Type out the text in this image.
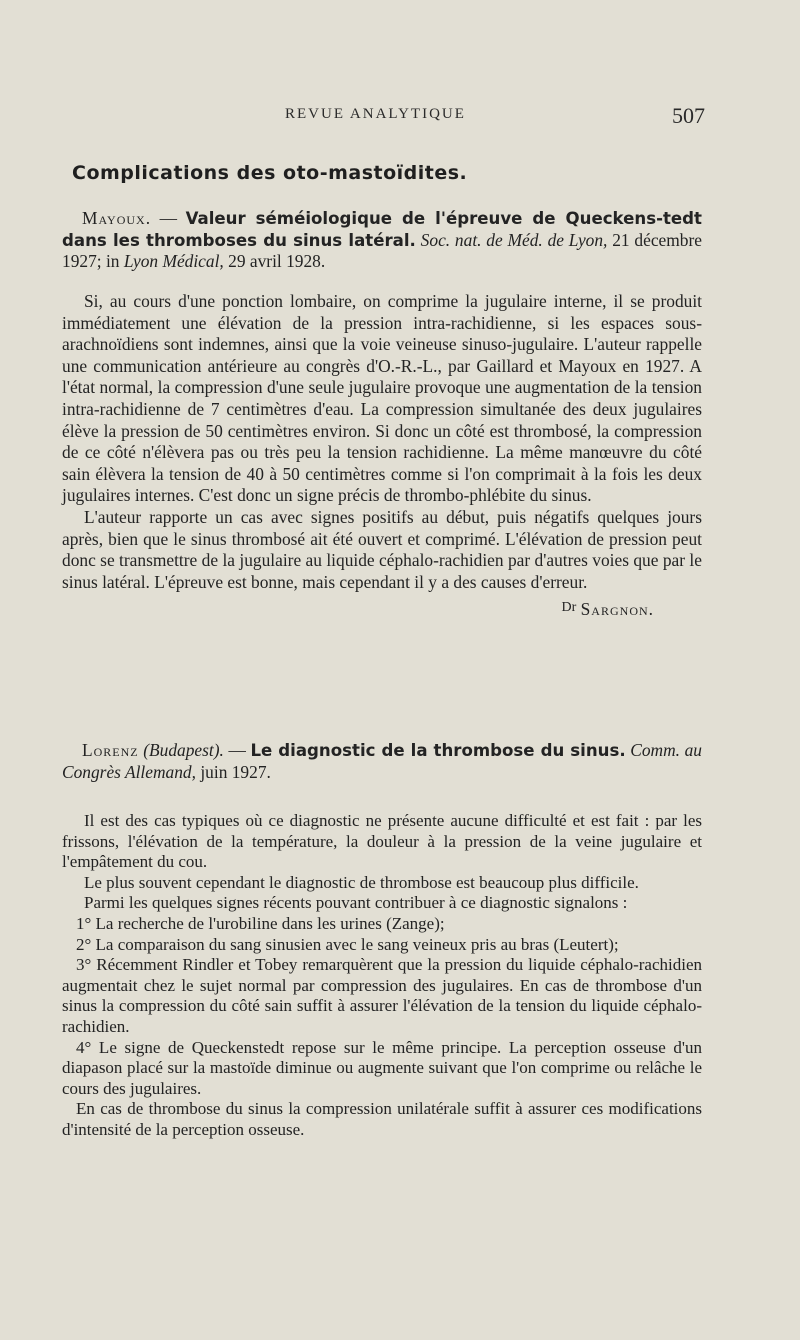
REVUE ANALYTIQUE	507
Complications des oto-mastoïdites.

Mayoux. — Valeur séméiologique de l'épreuve de Queckens-tedt dans les thromboses du sinus latéral. Soc. nat. de Méd. de Lyon, 21 décembre 1927; in Lyon Médical, 29 avril 1928.

Si, au cours d'une ponction lombaire, on comprime la jugulaire interne, il se produit immédiatement une élévation de la pression intra-rachidienne, si les espaces sous-arachnoïdiens sont indemnes, ainsi que la voie veineuse sinuso-jugulaire. L'auteur rappelle une communication antérieure au congrès d'O.-R.-L., par Gaillard et Mayoux en 1927. A l'état normal, la compression d'une seule jugulaire provoque une augmentation de la tension intra-rachidienne de 7 centimètres d'eau. La compression simultanée des deux jugulaires élève la pression de 50 centimètres environ. Si donc un côté est thrombosé, la compression de ce côté n'élèvera pas ou très peu la tension rachidienne. La même manœuvre du côté sain élèvera la tension de 40 à 50 centimètres comme si l'on comprimait à la fois les deux jugulaires internes. C'est donc un signe précis de thrombo-phlébite du sinus.

L'auteur rapporte un cas avec signes positifs au début, puis négatifs quelques jours après, bien que le sinus thrombosé ait été ouvert et comprimé. L'élévation de pression peut donc se transmettre de la jugulaire au liquide céphalo-rachidien par d'autres voies que par le sinus latéral. L'épreuve est bonne, mais cependant il y a des causes d'erreur.

$^{Dr}$ Sargnon.

Lorenz (Budapest). — Le diagnostic de la thrombose du sinus. Comm. au Congrès Allemand, juin 1927.

Il est des cas typiques où ce diagnostic ne présente aucune difficulté et est fait : par les frissons, l'élévation de la température, la douleur à la pression de la veine jugulaire et l'empâtement du cou.

Le plus souvent cependant le diagnostic de thrombose est beaucoup plus difficile.

Parmi les quelques signes récents pouvant contribuer à ce diagnostic signalons :

1° La recherche de l'urobiline dans les urines (Zange);

2° La comparaison du sang sinusien avec le sang veineux pris au bras (Leutert);

3° Récemment Rindler et Tobey remarquèrent que la pression du liquide céphalo-rachidien augmentait chez le sujet normal par compression des jugulaires. En cas de thrombose d'un sinus la compression du côté sain suffit à assurer l'élévation de la tension du liquide céphalo-rachidien.

4° Le signe de Queckenstedt repose sur le même principe. La perception osseuse d'un diapason placé sur la mastoïde diminue ou augmente suivant que l'on comprime ou relâche le cours des jugulaires.

En cas de thrombose du sinus la compression unilatérale suffit à assurer ces modifications d'intensité de la perception osseuse.
